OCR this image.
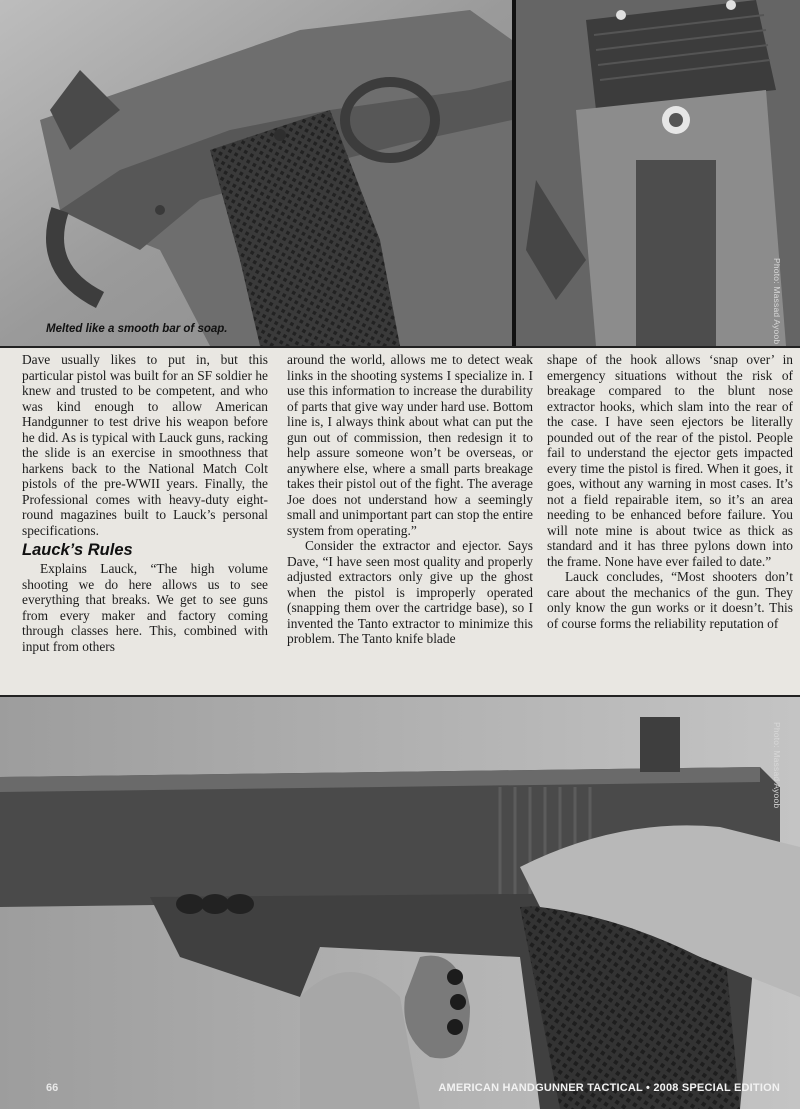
Melted like a smooth bar of soap.	Photo: Massad Ayoob

Dave usually likes to put in, but this particular pistol was built for an SF soldier he knew and trusted to be competent, and who was kind enough to allow American Handgunner to test drive his weapon before he did. As is typical with Lauck guns, racking the slide is an exercise in smoothness that harkens back to the National Match Colt pistols of the pre-WWII years. Finally, the Professional comes with heavy-duty eight-round magazines built to Lauck’s personal specifications.

Lauck’s Rules

Explains Lauck, “The high volume shooting we do here allows us to see everything that breaks. We get to see guns from every maker and factory coming through classes here. This, combined with input from others

around the world, allows me to detect weak links in the shooting systems I specialize in. I use this information to increase the durability of parts that give way under hard use. Bottom line is, I always think about what can put the gun out of commission, then redesign it to help assure someone won’t be overseas, or anywhere else, where a small parts breakage takes their pistol out of the fight. The average Joe does not understand how a seemingly small and unimportant part can stop the entire system from operating.”

Consider the extractor and ejector. Says Dave, “I have seen most quality and properly adjusted extractors only give up the ghost when the pistol is improperly operated (snapping them over the cartridge base), so I invented the Tanto extractor to minimize this problem. The Tanto knife blade

shape of the hook allows ‘snap over’ in emergency situations without the risk of breakage compared to the blunt nose extractor hooks, which slam into the rear of the case. I have seen ejectors be literally pounded out of the rear of the pistol. People fail to understand the ejector gets impacted every time the pistol is fired. When it goes, it goes, without any warning in most cases. It’s not a field repairable item, so it’s an area needing to be enhanced before failure. You will note mine is about twice as thick as standard and it has three pylons down into the frame. None have ever failed to date.”

Lauck concludes, “Most shooters don’t care about the mechanics of the gun. They only know the gun works or it doesn’t. This of course forms the reliability reputation of

Photo: Massad Ayoob
66	AMERICAN HANDGUNNER TACTICAL • 2008 SPECIAL EDITION
